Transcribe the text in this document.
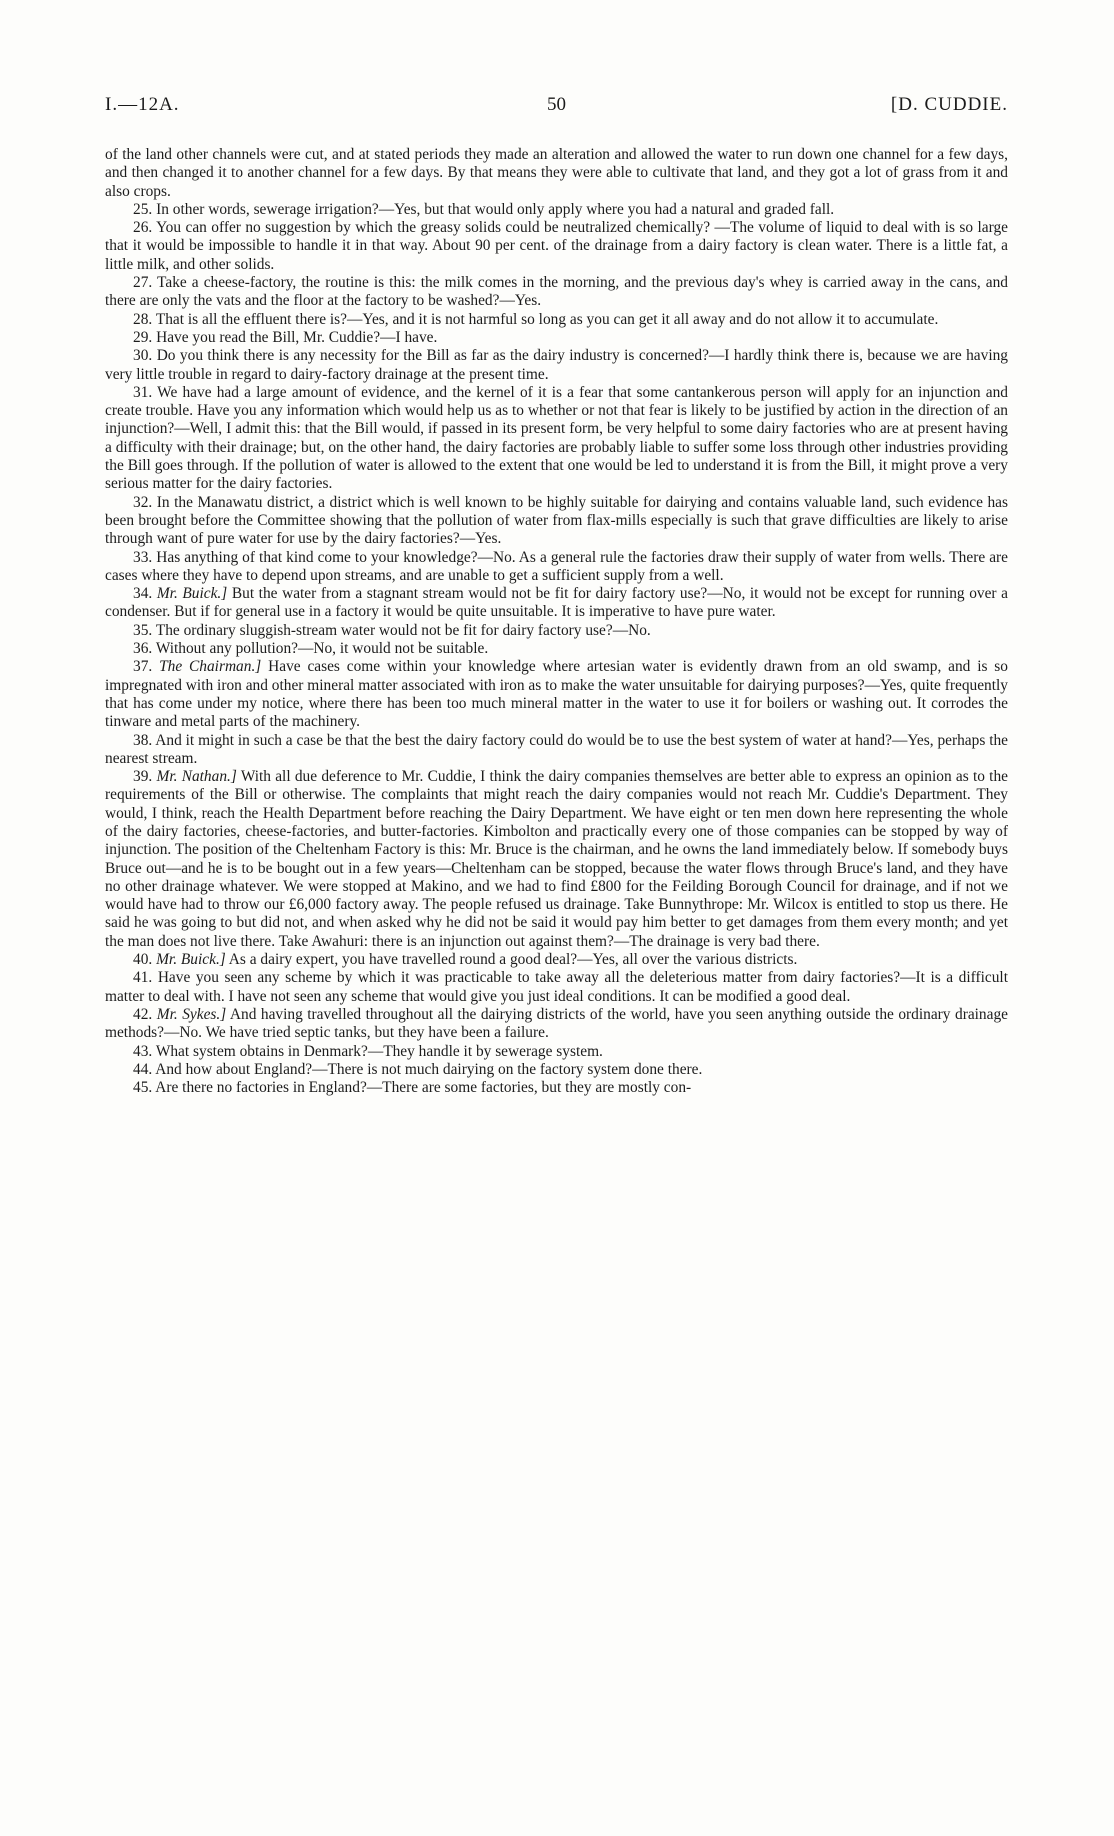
I.—12A.	50	[D. CUDDIE.

of the land other channels were cut, and at stated periods they made an alteration and allowed the water to run down one channel for a few days, and then changed it to another channel for a few days. By that means they were able to cultivate that land, and they got a lot of grass from it and also crops.

25. In other words, sewerage irrigation?—Yes, but that would only apply where you had a natural and graded fall.

26. You can offer no suggestion by which the greasy solids could be neutralized chemically? —The volume of liquid to deal with is so large that it would be impossible to handle it in that way. About 90 per cent. of the drainage from a dairy factory is clean water. There is a little fat, a little milk, and other solids.

27. Take a cheese-factory, the routine is this: the milk comes in the morning, and the previous day's whey is carried away in the cans, and there are only the vats and the floor at the factory to be washed?—Yes.

28. That is all the effluent there is?—Yes, and it is not harmful so long as you can get it all away and do not allow it to accumulate.

29. Have you read the Bill, Mr. Cuddie?—I have.

30. Do you think there is any necessity for the Bill as far as the dairy industry is concerned?—I hardly think there is, because we are having very little trouble in regard to dairy-factory drainage at the present time.

31. We have had a large amount of evidence, and the kernel of it is a fear that some cantankerous person will apply for an injunction and create trouble. Have you any information which would help us as to whether or not that fear is likely to be justified by action in the direction of an injunction?—Well, I admit this: that the Bill would, if passed in its present form, be very helpful to some dairy factories who are at present having a difficulty with their drainage; but, on the other hand, the dairy factories are probably liable to suffer some loss through other industries providing the Bill goes through. If the pollution of water is allowed to the extent that one would be led to understand it is from the Bill, it might prove a very serious matter for the dairy factories.

32. In the Manawatu district, a district which is well known to be highly suitable for dairying and contains valuable land, such evidence has been brought before the Committee showing that the pollution of water from flax-mills especially is such that grave difficulties are likely to arise through want of pure water for use by the dairy factories?—Yes.

33. Has anything of that kind come to your knowledge?—No. As a general rule the factories draw their supply of water from wells. There are cases where they have to depend upon streams, and are unable to get a sufficient supply from a well.

34. Mr. Buick.] But the water from a stagnant stream would not be fit for dairy factory use?—No, it would not be except for running over a condenser. But if for general use in a factory it would be quite unsuitable. It is imperative to have pure water.

35. The ordinary sluggish-stream water would not be fit for dairy factory use?—No.

36. Without any pollution?—No, it would not be suitable.

37. The Chairman.] Have cases come within your knowledge where artesian water is evidently drawn from an old swamp, and is so impregnated with iron and other mineral matter associated with iron as to make the water unsuitable for dairying purposes?—Yes, quite frequently that has come under my notice, where there has been too much mineral matter in the water to use it for boilers or washing out. It corrodes the tinware and metal parts of the machinery.

38. And it might in such a case be that the best the dairy factory could do would be to use the best system of water at hand?—Yes, perhaps the nearest stream.

39. Mr. Nathan.] With all due deference to Mr. Cuddie, I think the dairy companies themselves are better able to express an opinion as to the requirements of the Bill or otherwise. The complaints that might reach the dairy companies would not reach Mr. Cuddie's Department. They would, I think, reach the Health Department before reaching the Dairy Department. We have eight or ten men down here representing the whole of the dairy factories, cheese-factories, and butter-factories. Kimbolton and practically every one of those companies can be stopped by way of injunction. The position of the Cheltenham Factory is this: Mr. Bruce is the chairman, and he owns the land immediately below. If somebody buys Bruce out—and he is to be bought out in a few years—Cheltenham can be stopped, because the water flows through Bruce's land, and they have no other drainage whatever. We were stopped at Makino, and we had to find £800 for the Feilding Borough Council for drainage, and if not we would have had to throw our £6,000 factory away. The people refused us drainage. Take Bunnythrope: Mr. Wilcox is entitled to stop us there. He said he was going to but did not, and when asked why he did not be said it would pay him better to get damages from them every month; and yet the man does not live there. Take Awahuri: there is an injunction out against them?—The drainage is very bad there.

40. Mr. Buick.] As a dairy expert, you have travelled round a good deal?—Yes, all over the various districts.

41. Have you seen any scheme by which it was practicable to take away all the deleterious matter from dairy factories?—It is a difficult matter to deal with. I have not seen any scheme that would give you just ideal conditions. It can be modified a good deal.

42. Mr. Sykes.] And having travelled throughout all the dairying districts of the world, have you seen anything outside the ordinary drainage methods?—No. We have tried septic tanks, but they have been a failure.

43. What system obtains in Denmark?—They handle it by sewerage system.

44. And how about England?—There is not much dairying on the factory system done there.

45. Are there no factories in England?—There are some factories, but they are mostly con-
